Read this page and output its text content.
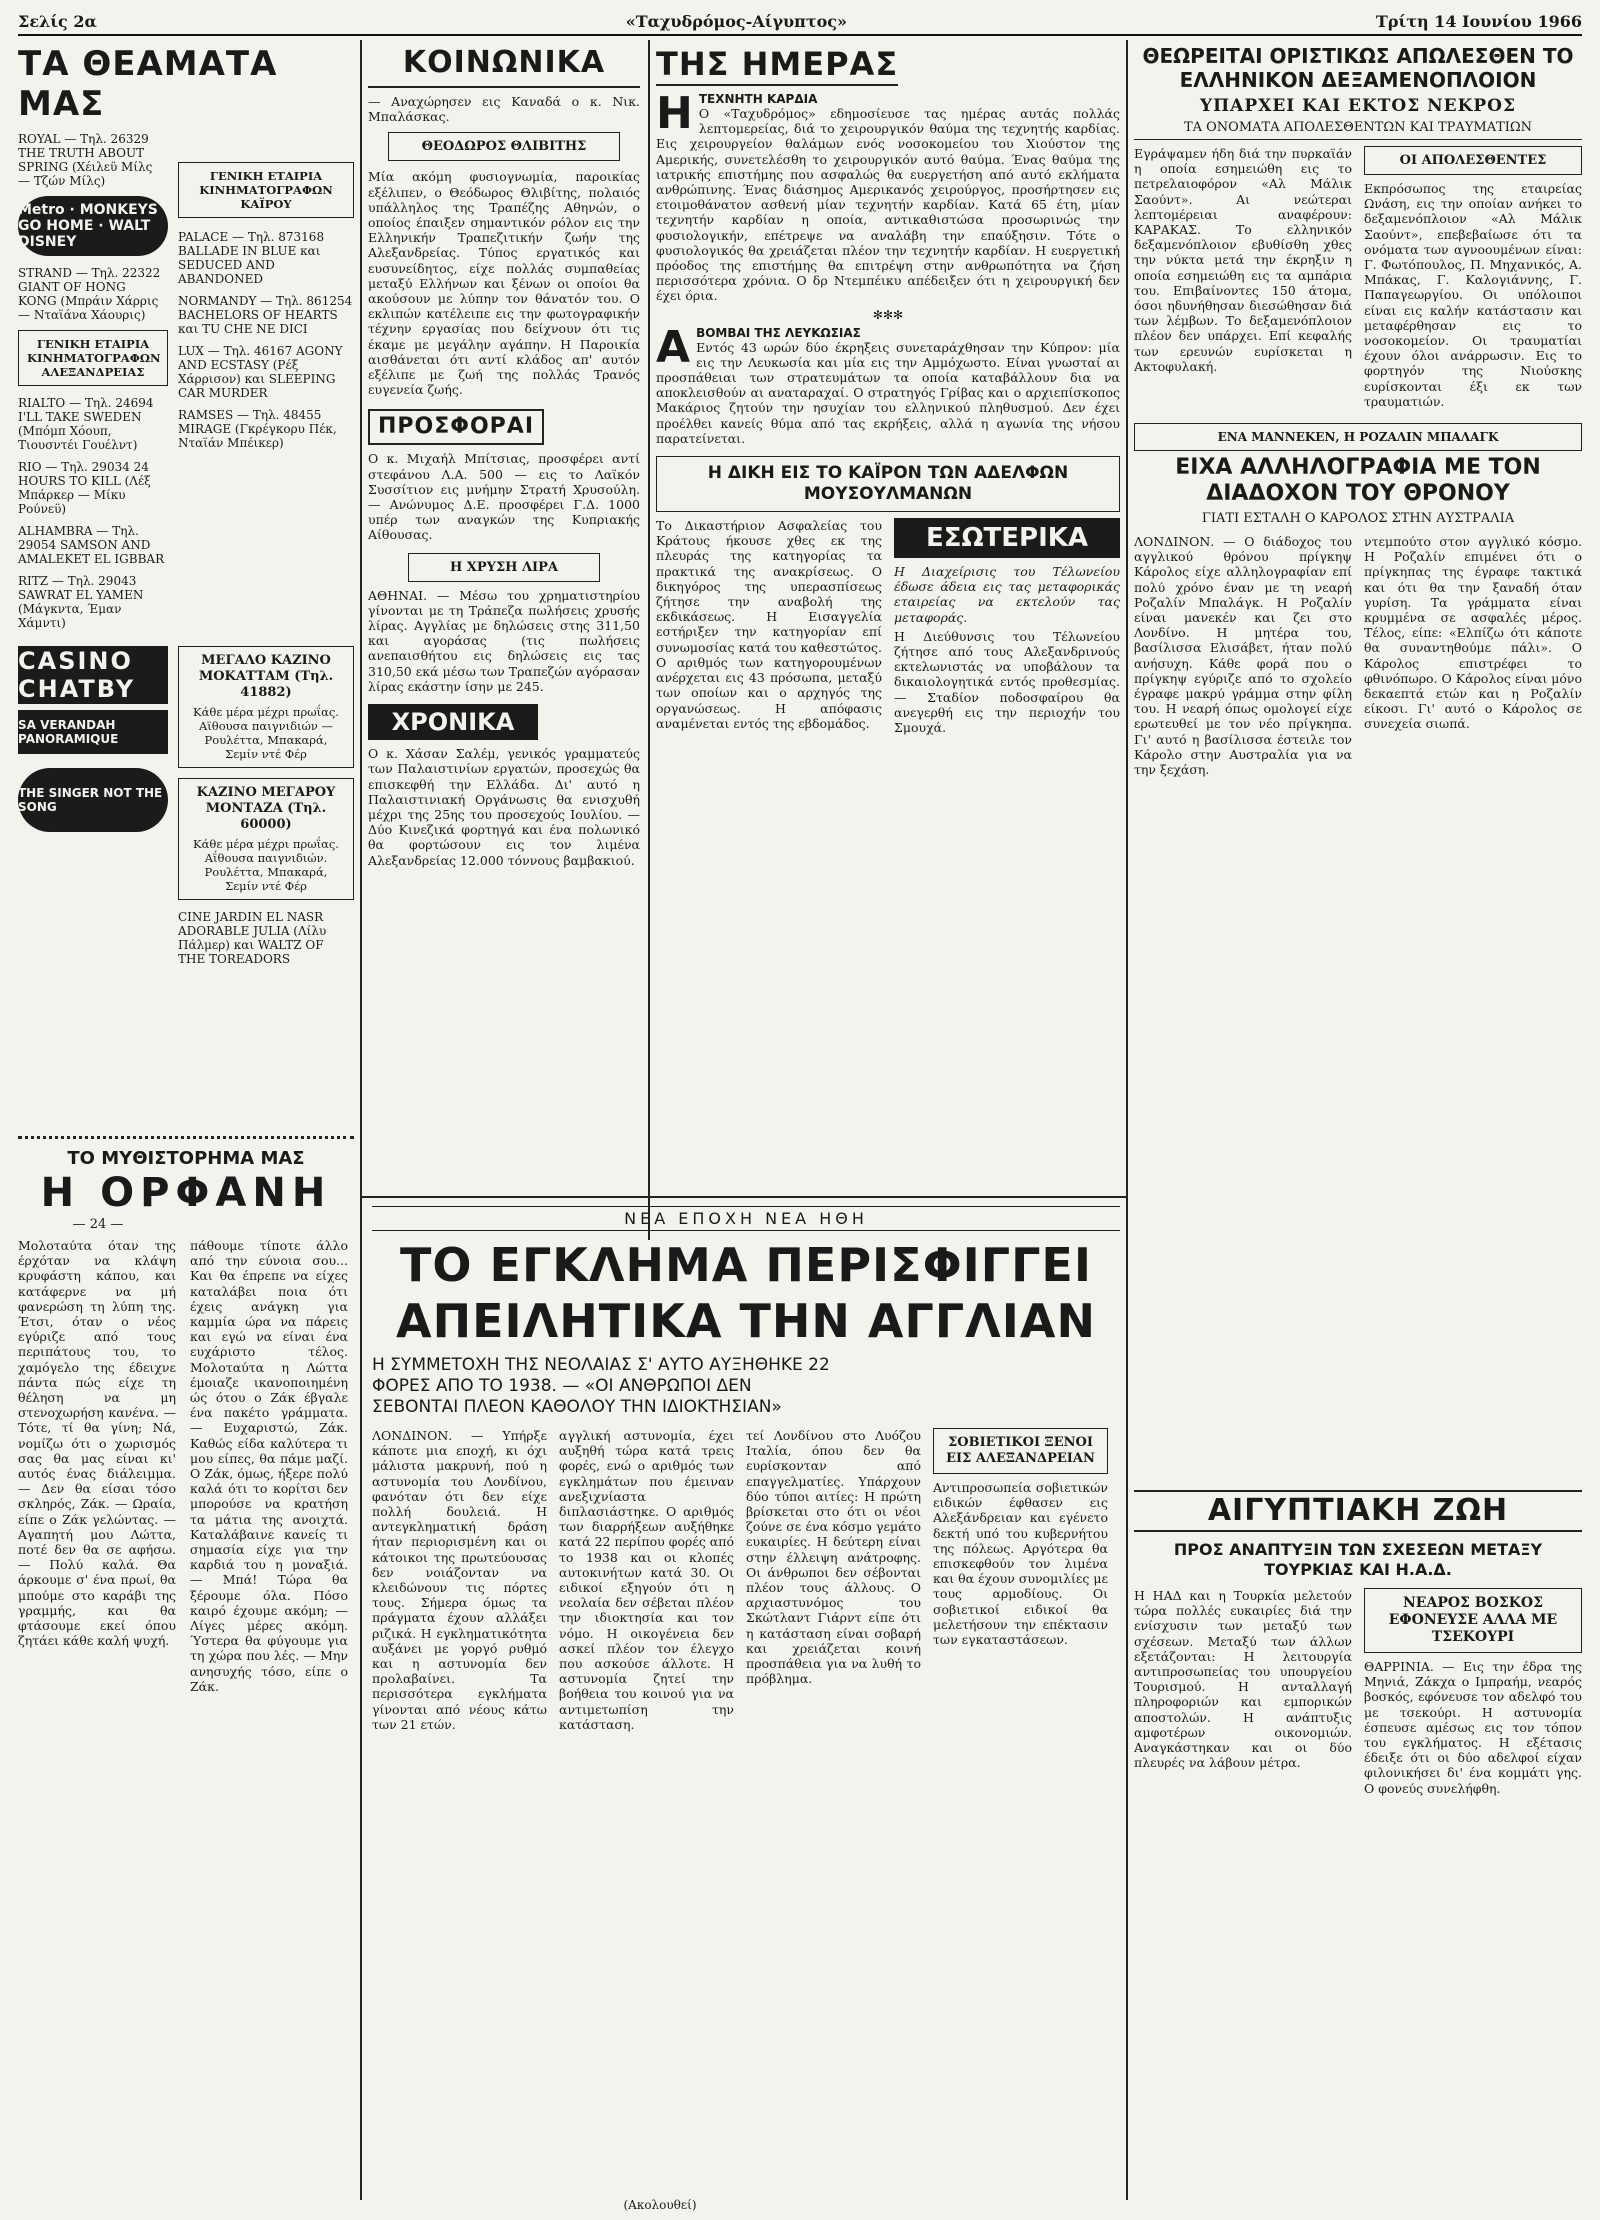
Σελίς 2α	«Ταχυδρόμος-Αίγυπτος»	Τρίτη 14 Ιουνίου 1966
ΤΑ ΘΕΑΜΑΤΑ ΜΑΣ
ROYAL — Τηλ. 26329 THE TRUTH ABOUT SPRING (Χέιλεϋ Μίλς — Τζών Μίλς)
Metro · MONKEYS GO HOME · WALT DISNEY
STRAND — Τηλ. 22322 GIANT OF HONG KONG (Μπράιν Χάρρις — Νταϊάνα Χάουρις)
ΓΕΝΙΚΗ ΕΤΑΙΡΙΑ ΚΙΝΗΜΑΤΟΓΡΑΦΩΝ ΑΛΕΞΑΝΔΡΕΙΑΣ
RIALTO — Τηλ. 24694 I'LL TAKE SWEDEN (Μπόμπ Χόουπ, Τιουσντέι Γουέλντ)
RIO — Τηλ. 29034 24 HOURS TO KILL (Λέξ Μπάρκερ — Μίκυ Ρούνεϋ)
ALHAMBRA — Τηλ. 29054 SAMSON AND AMALEKET EL IGBBAR
RITZ — Τηλ. 29043 SAWRAT EL YAMEN (Μάγκντα, Έμαν Χάμντι)
ΓΕΝΙΚΗ ΕΤΑΙΡΙΑ ΚΙΝΗΜΑΤΟΓΡΑΦΩΝ ΚΑΪΡΟΥ
PALACE — Τηλ. 873168 BALLADE IN BLUE και SEDUCED AND ABANDONED
NORMANDY — Τηλ. 861254 BACHELORS OF HEARTS και TU CHE NE DICI
LUX — Τηλ. 46167 AGONY AND ECSTASY (Ρέξ Χάρρισον) και SLEEPING CAR MURDER
RAMSES — Τηλ. 48455 MIRAGE (Γκρέγκορυ Πέκ, Νταϊάν Μπέικερ)
CASINO CHATBY
SA VERANDAH PANORAMIQUE
THE SINGER NOT THE SONG
ΜΕΓΑΛΟ ΚΑΖΙΝΟ ΜΟΚΑΤΤΑΜ (Τηλ. 41882)
Κάθε μέρα μέχρι πρωΐας. Αϊθουσα παιγνιδιών — Ρουλέττα, Μπακαρά, Σεμίν ντέ Φέρ
ΚΑΖΙΝΟ ΜΕΓΑΡΟΥ ΜΟΝΤΑΖΑ (Τηλ. 60000)
Κάθε μέρα μέχρι πρωΐας. Αΐθουσα παιγνιδιών. Ρουλέττα, Μπακαρά, Σεμίν ντέ Φέρ
CINE JARDIN EL NASR ADORABLE JULIA (Λίλυ Πάλμερ) και WALTZ OF THE TOREADORS
ΤΟ ΜΥΘΙΣΤΟΡΗΜΑ ΜΑΣ
Η ΟΡΦΑΝΗ
— 24 —

Μολοταύτα όταν της έρχόταν να κλάψη κρυφάστη κάπου, και κατάφερνε να μή φανερώση τη λύπη της. Έτσι, όταν ο νέος εγύριζε από τους περιπάτους του, το χαμόγελο της έδειχνε πάντα πώς είχε τη θέληση να μη στενοχωρήση κανένα. — Τότε, τί θα γίνη; Νά, νομίζω ότι ο χωρισμός σας θα μας είναι κι' αυτός ένας διάλειμμα. — Δεν θα είσαι τόσο σκληρός, Ζάκ. — Ωραία, είπε ο Ζάκ γελώντας. — Αγαπητή μου Λώττα, ποτέ δεν θα σε αφήσω. — Πολύ καλά. Θα άρκουμε σ' ένα πρωί, θα μπούμε στο καράβι της γραμμής, και θα φτάσουμε εκεί όπου ζητάει κάθε καλή ψυχή.

πάθουμε τίποτε άλλο από την εύνοια σου... Και θα έπρεπε να είχες καταλάβει ποια ότι έχεις ανάγκη για καμμία ώρα να πάρεις και εγώ να είναι ένα ευχάριστο τέλος. Μολοταύτα η Λώττα έμοιαζε ικανοποιημένη ώς ότου ο Ζάκ έβγαλε ένα πακέτο γράμματα. — Ευχαριστώ, Ζάκ. Καθώς είδα καλύτερα τι μου είπες, θα πάμε μαζί. Ο Ζάκ, όμως, ήξερε πολύ καλά ότι το κορίτσι δεν μπορούσε να κρατήση τα μάτια της ανοιχτά. Καταλάβαινε κανείς τι σημασία είχε για την καρδιά του η μοναξιά. — Μπά! Τώρα θα ξέρουμε όλα. Πόσο καιρό έχουμε ακόμη; — Λίγες μέρες ακόμη. Ύστερα θα φύγουμε για τη χώρα που λές. — Μην ανησυχής τόσο, είπε ο Ζάκ.

ΚΟΙΝΩΝΙΚΑ

— Αναχώρησεν εις Καναδά ο κ. Νικ. Μπαλάσκας.

ΘΕΟΔΩΡΟΣ ΘΛΙΒΙΤΗΣ

Μία ακόμη φυσιογνωμία, παροικίας εξέλιπεν, ο Θεόδωρος Θλιβίτης, πολαιός υπάλληλος της Τραπέζης Αθηνών, ο οποίος έπαιξεν σημαντικόν ρόλον εις την Ελληνικήν Τραπεζιτικήν ζωήν της Αλεξανδρείας. Τύπος εργατικός και ευσυνείδητος, είχε πολλάς συμπαθείας μεταξύ Ελλήνων και ξένων οι οποίοι θα ακούσουν με λύπην τον θάνατόν του. Ο εκλιπών κατέλειπε εις την φωτογραφικήν τέχνην εργασίας που δείχνουν ότι τις έκαμε με μεγάλην αγάπην. Η Παροικία αισθάνεται ότι αντί κλάδος απ' αυτόν εξέλιπε με ζωή της πολλάς Τρανός ευγενεία ζωής.

ΠΡΟΣΦΟΡΑΙ

Ο κ. Μιχαήλ Μπίτσιας, προσφέρει αντί στεφάνου Λ.Α. 500 — εις το Λαϊκόν Συσσίτιον εις μνήμην Στρατή Χρυσούλη. — Ανώνυμος Δ.Ε. προσφέρει Γ.Δ. 1000 υπέρ των αναγκών της Κυπριακής Αίθουσας.

Η ΧΡΥΣΗ ΛΙΡΑ

ΑΘΗΝΑΙ. — Μέσω του χρηματιστηρίου γίνονται με τη Τράπεζα πωλήσεις χρυσής λίρας. Αγγλίας με δηλώσεις στης 311,50 και αγοράσας (τις πωλήσεις ανεπαισθήτου εις δηλώσεις εις τας 310,50 εκά μέσω των Τραπεζών αγόρασαν λίρας εκάστην ίσην με 245.

ΧΡΟΝΙΚΑ

Ο κ. Χάσαν Σαλέμ, γενικός γραμματεύς των Παλαιστινίων εργατών, προσεχώς θα επισκεφθή την Ελλάδα. Δι' αυτό η Παλαιστινιακή Οργάνωσις θα ενισχυθή μέχρι της 25ης του προσεχούς Ιουλίου. — Δύο Κινεζικά φορτηγά και ένα πολωνικό θα φορτώσουν εις τον λιμένα Αλεξανδρείας 12.000 τόννους βαμβακιού.

ΤΗΣ ΗΜΕΡΑΣ
Η ΤΕΧΝΗΤΗ ΚΑΡΔΙΑ

Ο «Ταχυδρόμος» εδημοσίευσε τας ημέρας αυτάς πολλάς λεπτομερείας, διά το χειρουργικόν θαύμα της τεχνητής καρδίας. Εις χειρουργείον θαλάμων ενός νοσοκομείου του Χιούστον της Αμερικής, συνετελέσθη το χειρουργικόν αυτό θαύμα. Ένας θαύμα της ιατρικής επιστήμης που ασφαλώς θα ευεργετήση από αυτό εκλήματα ανθρώπινης. Ένας διάσημος Αμερικανός χειρούργος, προσήρτησεν εις ετοιμοθάνατον ασθενή μίαν τεχνητήν καρδίαν. Κατά 65 έτη, μίαν τεχνητήν καρδίαν η οποία, αντικαθιστώσα προσωρινώς την φυσιολογικήν, επέτρεψε να αναλάβη την επαύξησιν. Τότε ο φυσιολογικός θα χρειάζεται πλέον την τεχνητήν καρδίαν. Η ευεργετική πρόοδος της επιστήμης θα επιτρέψη στην ανθρωπότητα να ζήση περισσότερα χρόνια. Ο δρ Ντεμπέικυ απέδειξεν ότι η χειρουργική δεν έχει όρια.

✻✻✻
Α ΒΟΜΒΑΙ ΤΗΣ ΛΕΥΚΩΣΙΑΣ

Εντός 43 ωρών δύο έκρηξεις συνεταράχθησαν την Κύπρον: μία εις την Λευκωσία και μία εις την Αμμόχωστο. Είναι γνωσταί αι προσπάθειαι των στρατευμάτων τα οποία καταβάλλουν δια να αποκλεισθούν αι αναταραχαί. Ο στρατηγός Γρίβας και ο αρχιεπίσκοπος Μακάριος ζητούν την ησυχίαν του ελληνικού πληθυσμού. Δεν έχει προέλθει κανείς θύμα από τας εκρήξεις, αλλά η αγωνία της νήσου παρατείνεται.

Η ΔΙΚΗ ΕΙΣ ΤΟ ΚΑΪΡΟΝ ΤΩΝ ΑΔΕΛΦΩΝ ΜΟΥΣΟΥΛΜΑΝΩΝ

Το Δικαστήριον Ασφαλείας του Κράτους ήκουσε χθες εκ της πλευράς της κατηγορίας τα πρακτικά της ανακρίσεως. Ο δικηγόρος της υπερασπίσεως ζήτησε την αναβολή της εκδικάσεως. Η Εισαγγελία εστήριξεν την κατηγορίαν επί συνωμοσίας κατά του καθεστώτος. Ο αριθμός των κατηγορουμένων ανέρχεται εις 43 πρόσωπα, μεταξύ των οποίων και ο αρχηγός της οργανώσεως. Η απόφασις αναμένεται εντός της εβδομάδος.

ΕΣΩΤΕΡΙΚΑ

Η Διαχείρισις του Τέλωνείου έδωσε άδεια εις τας μεταφορικάς εταιρείας να εκτελούν τας μεταφοράς.

Η Διεύθυνσις του Τέλωνείου ζήτησε από τους Αλεξανδρινούς εκτελωνιστάς να υποβάλουν τα δικαιολογητικά εντός προθεσμίας. — Σταδίον ποδοσφαίρου θα ανεγερθή εις την περιοχήν του Σμουχά.

ΝΕΑ ΕΠΟΧΗ ΝΕΑ ΗΘΗ
ΤΟ ΕΓΚΛΗΜΑ ΠΕΡΙΣΦΙΓΓΕΙ
ΑΠΕΙΛΗΤΙΚΑ ΤΗΝ ΑΓΓΛΙΑΝ
Η ΣΥΜΜΕΤΟΧΗ ΤΗΣ ΝΕΟΛΑΙΑΣ Σ' ΑΥΤΟ ΑΥΞΗΘΗΚΕ 22 ΦΟΡΕΣ ΑΠΟ ΤΟ 1938. — «ΟΙ ΑΝΘΡΩΠΟΙ ΔΕΝ ΣΕΒΟΝΤΑΙ ΠΛΕΟΝ ΚΑΘΟΛΟΥ ΤΗΝ ΙΔΙΟΚΤΗΣΙΑΝ»

ΛΟΝΔΙΝΟΝ. — Υπήρξε κάποτε μια εποχή, κι όχι μάλιστα μακρυνή, πού η αστυνομία του Λονδίνου, φανόταν ότι δεν είχε πολλή δουλειά. Η αντεγκληματική δράση ήταν περιορισμένη και οι κάτοικοι της πρωτεύουσας δεν νοιάζονταν να κλειδώνουν τις πόρτες τους. Σήμερα όμως τα πράγματα έχουν αλλάξει ριζικά. Η εγκληματικότητα αυξάνει με γοργό ρυθμό και η αστυνομία δεν προλαβαίνει. Τα περισσότερα εγκλήματα γίνονται από νέους κάτω των 21 ετών.

αγγλική αστυνομία, έχει αυξηθή τώρα κατά τρεις φορές, ενώ ο αριθμός των εγκλημάτων που έμειναν ανεξιχνίαστα διπλασιάστηκε. Ο αριθμός των διαρρήξεων αυξήθηκε κατά 22 περίπου φορές από το 1938 και οι κλοπές αυτοκινήτων κατά 30. Οι ειδικοί εξηγούν ότι η νεολαία δεν σέβεται πλέον την ιδιοκτησία και τον νόμο. Η οικογένεια δεν ασκεί πλέον τον έλεγχο που ασκούσε άλλοτε. Η αστυνομία ζητεί την βοήθεια του κοινού για να αντιμετωπίση την κατάσταση.

τεί Λονδίνου στο Λυόζου Ιταλία, όπου δεν θα ευρίσκονταν από επαγγελματίες. Υπάρχουν δύο τύποι αιτίες: Η πρώτη βρίσκεται στο ότι οι νέοι ζούνε σε ένα κόσμο γεμάτο ευκαιρίες. Η δεύτερη είναι στην έλλειψη ανάτροφης. Οι άνθρωποι δεν σέβονται πλέον τους άλλους. Ο αρχιαστυνόμος του Σκώτλαντ Γιάρντ είπε ότι η κατάσταση είναι σοβαρή και χρειάζεται κοινή προσπάθεια για να λυθή το πρόβλημα.

ΣΟΒΙΕΤΙΚΟΙ ΞΕΝΟΙ ΕΙΣ ΑΛΕΞΑΝΔΡΕΙΑΝ

Αντιπροσωπεία σοβιετικών ειδικών έφθασεν εις Αλεξάνδρειαν και εγένετο δεκτή υπό του κυβερνήτου της πόλεως. Αργότερα θα επισκεφθούν τον λιμένα και θα έχουν συνομιλίες με τους αρμοδίους. Οι σοβιετικοί ειδικοί θα μελετήσουν την επέκτασιν των εγκαταστάσεων.

ΘΕΩΡΕΙΤΑΙ ΟΡΙΣΤΙΚΩΣ ΑΠΩΛΕΣΘΕΝ ΤΟ ΕΛΛΗΝΙΚΟΝ ΔΕΞΑΜΕΝΟΠΛΟΙΟΝ
ΥΠΑΡΧΕΙ ΚΑΙ ΕΚΤΟΣ ΝΕΚΡΟΣ
ΤΑ ΟΝΟΜΑΤΑ ΑΠΟΛΕΣΘΕΝΤΩΝ ΚΑΙ ΤΡΑΥΜΑΤΙΩΝ

Εγράψαμεν ήδη διά την πυρκαϊάν η οποία εσημειώθη εις το πετρελαιοφόρον «Αλ Μάλικ Σαούντ». Αι νεώτεραι λεπτομέρειαι αναφέρουν: ΚΑΡΑΚΑΣ. Το ελληνικόν δεξαμενόπλοιον εβυθίσθη χθες την νύκτα μετά την έκρηξιν η οποία εσημειώθη εις τα αμπάρια του. Επιβαίνοντες 150 άτομα, όσοι ηδυνήθησαν διεσώθησαν διά των λέμβων. Το δεξαμενόπλοιον πλέον δεν υπάρχει. Επί κεφαλής των ερευνών ευρίσκεται η Ακτοφυλακή.

ΟΙ ΑΠΟΛΕΣΘΕΝΤΕΣ

Εκπρόσωπος της εταιρείας Ωνάση, εις την οποίαν ανήκει το δεξαμενόπλοιον «Αλ Μάλικ Σαούντ», επεβεβαίωσε ότι τα ονόματα των αγνοουμένων είναι: Γ. Φωτόπουλος, Π. Μηχανικός, Α. Μπάκας, Γ. Καλογιάννης, Γ. Παπαγεωργίου. Οι υπόλοιποι είναι εις καλήν κατάστασιν και μεταφέρθησαν εις το νοσοκομείον. Οι τραυματίαι έχουν όλοι ανάρρωσιν. Εις το φορτηγόν της Νιούσκης ευρίσκονται έξι εκ των τραυματιών.

ΕΝΑ ΜΑΝΝΕΚΕΝ, Η ΡΟΖΑΛΙΝ ΜΠΑΛΑΓΚ
ΕΙΧΑ ΑΛΛΗΛΟΓΡΑΦΙΑ ΜΕ ΤΟΝ ΔΙΑΔΟΧΟΝ ΤΟΥ ΘΡΟΝΟΥ
ΓΙΑΤΙ ΕΣΤΑΛΗ Ο ΚΑΡΟΛΟΣ ΣΤΗΝ ΑΥΣΤΡΑΛΙΑ

ΛΟΝΔΙΝΟΝ. — Ο διάδοχος του αγγλικού θρόνου πρίγκηψ Κάρολος είχε αλληλογραφίαν επί πολύ χρόνο έναν με τη νεαρή Ροζαλίν Μπαλάγκ. Η Ροζαλίν είναι μανεκέν και ζει στο Λονδίνο. Η μητέρα του, βασίλισσα Ελισάβετ, ήταν πολύ ανήσυχη. Κάθε φορά που ο πρίγκηψ εγύριζε από το σχολείο έγραφε μακρύ γράμμα στην φίλη του. Η νεαρή όπως ομολογεί είχε ερωτευθεί με τον νέο πρίγκηπα. Γι' αυτό η βασίλισσα έστειλε τον Κάρολο στην Αυστραλία για να την ξεχάση.

ντεμπούτο στον αγγλικό κόσμο. Η Ροζαλίν επιμένει ότι ο πρίγκηπας της έγραφε τακτικά και ότι θα την ξαναδή όταν γυρίση. Τα γράμματα είναι κρυμμένα σε ασφαλές μέρος. Τέλος, είπε: «Ελπίζω ότι κάποτε θα συναντηθούμε πάλι». Ο Κάρολος επιστρέφει το φθινόπωρο. Ο Κάρολος είναι μόνο δεκαεπτά ετών και η Ροζαλίν είκοσι. Γι' αυτό ο Κάρολος σε συνεχεία σιωπά.

ΑΙΓΥΠΤΙΑΚΗ ΖΩΗ
ΠΡΟΣ ΑΝΑΠΤΥΞΙΝ ΤΩΝ ΣΧΕΣΕΩΝ ΜΕΤΑΞΥ ΤΟΥΡΚΙΑΣ ΚΑΙ Η.Α.Δ.

Η ΗΑΔ και η Τουρκία μελετούν τώρα πολλές ευκαιρίες διά την ενίσχυσιν των μεταξύ των σχέσεων. Μεταξύ των άλλων εξετάζονται: Η λειτουργία αντιπροσωπείας του υπουργείου Τουρισμού. Η ανταλλαγή πληροφοριών και εμπορικών αποστολών. Η ανάπτυξις αμφοτέρων οικονομιών. Αναγκάστηκαν και οι δύο πλευρές να λάβουν μέτρα.

ΝΕΑΡΟΣ ΒΟΣΚΟΣ ΕΦΟΝΕΥΣΕ ΑΛΛΑ ΜΕ ΤΣΕΚΟΥΡΙ

ΘΑΡΡΙΝΙΑ. — Εις την έδρα της Μηνιά, Ζάκχα ο Ιμπραήμ, νεαρός βοσκός, εφόνευσε τον αδελφό του με τσεκούρι. Η αστυνομία έσπευσε αμέσως εις τον τόπον του εγκλήματος. Η εξέτασις έδειξε ότι οι δύο αδελφοί είχαν φιλονικήσει δι' ένα κομμάτι γης. Ο φονεύς συνελήφθη.

(Ακολουθεί)
